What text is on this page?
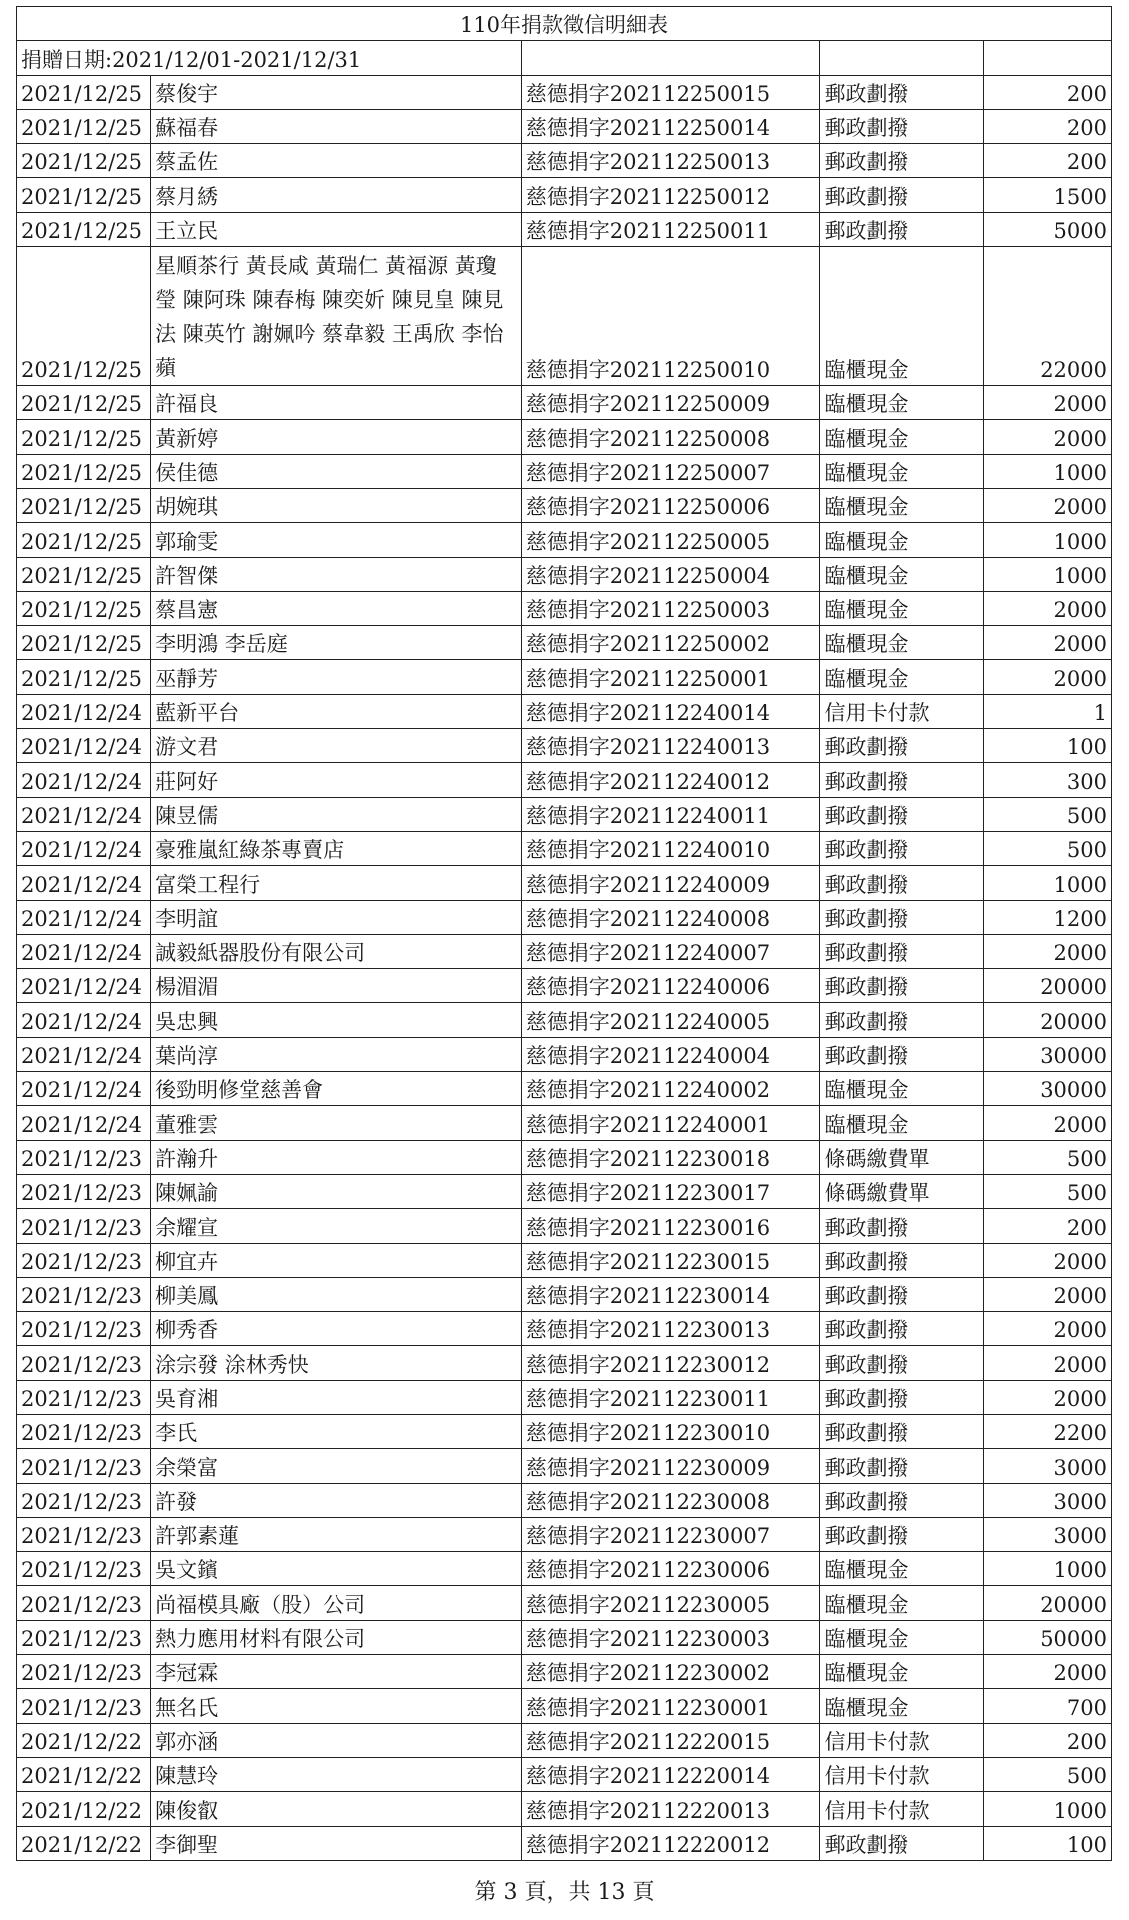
110年捐款徵信明細表				
捐贈日期:2021/12/01-2021/12/31				
2021/12/25	蔡俊宇	慈德捐字202112250015	郵政劃撥	200
2021/12/25	蘇福春	慈德捐字202112250014	郵政劃撥	200
2021/12/25	蔡孟佐	慈德捐字202112250013	郵政劃撥	200
2021/12/25	蔡月綉	慈德捐字202112250012	郵政劃撥	1500
2021/12/25	王立民	慈德捐字202112250011	郵政劃撥	5000
2021/12/25	星順茶行 黃長咸 黃瑞仁 黃福源 黃瓊瑩 陳阿珠 陳春梅 陳奕妡 陳見皇 陳見法 陳英竹 謝姵吟 蔡韋毅 王禹欣 李怡蘋	慈德捐字202112250010	臨櫃現金	22000
2021/12/25	許福良	慈德捐字202112250009	臨櫃現金	2000
2021/12/25	黃新婷	慈德捐字202112250008	臨櫃現金	2000
2021/12/25	侯佳德	慈德捐字202112250007	臨櫃現金	1000
2021/12/25	胡婉琪	慈德捐字202112250006	臨櫃現金	2000
2021/12/25	郭瑜雯	慈德捐字202112250005	臨櫃現金	1000
2021/12/25	許智傑	慈德捐字202112250004	臨櫃現金	1000
2021/12/25	蔡昌憲	慈德捐字202112250003	臨櫃現金	2000
2021/12/25	李明鴻 李岳庭	慈德捐字202112250002	臨櫃現金	2000
2021/12/25	巫靜芳	慈德捐字202112250001	臨櫃現金	2000
2021/12/24	藍新平台	慈德捐字202112240014	信用卡付款	1
2021/12/24	游文君	慈德捐字202112240013	郵政劃撥	100
2021/12/24	莊阿好	慈德捐字202112240012	郵政劃撥	300
2021/12/24	陳昱儒	慈德捐字202112240011	郵政劃撥	500
2021/12/24	豪雅嵐紅綠茶專賣店	慈德捐字202112240010	郵政劃撥	500
2021/12/24	富榮工程行	慈德捐字202112240009	郵政劃撥	1000
2021/12/24	李明誼	慈德捐字202112240008	郵政劃撥	1200
2021/12/24	誠毅紙器股份有限公司	慈德捐字202112240007	郵政劃撥	2000
2021/12/24	楊湄湄	慈德捐字202112240006	郵政劃撥	20000
2021/12/24	吳忠興	慈德捐字202112240005	郵政劃撥	20000
2021/12/24	葉尚淳	慈德捐字202112240004	郵政劃撥	30000
2021/12/24	後勁明修堂慈善會	慈德捐字202112240002	臨櫃現金	30000
2021/12/24	董雅雲	慈德捐字202112240001	臨櫃現金	2000
2021/12/23	許瀚升	慈德捐字202112230018	條碼繳費單	500
2021/12/23	陳姵諭	慈德捐字202112230017	條碼繳費單	500
2021/12/23	余耀宣	慈德捐字202112230016	郵政劃撥	200
2021/12/23	柳宜卉	慈德捐字202112230015	郵政劃撥	2000
2021/12/23	柳美鳳	慈德捐字202112230014	郵政劃撥	2000
2021/12/23	柳秀香	慈德捐字202112230013	郵政劃撥	2000
2021/12/23	涂宗發 涂林秀快	慈德捐字202112230012	郵政劃撥	2000
2021/12/23	吳育湘	慈德捐字202112230011	郵政劃撥	2000
2021/12/23	李氏	慈德捐字202112230010	郵政劃撥	2200
2021/12/23	余榮富	慈德捐字202112230009	郵政劃撥	3000
2021/12/23	許發	慈德捐字202112230008	郵政劃撥	3000
2021/12/23	許郭素蓮	慈德捐字202112230007	郵政劃撥	3000
2021/12/23	吳文鑌	慈德捐字202112230006	臨櫃現金	1000
2021/12/23	尚福模具廠（股）公司	慈德捐字202112230005	臨櫃現金	20000
2021/12/23	熱力應用材料有限公司	慈德捐字202112230003	臨櫃現金	50000
2021/12/23	李冠霖	慈德捐字202112230002	臨櫃現金	2000
2021/12/23	無名氏	慈德捐字202112230001	臨櫃現金	700
2021/12/22	郭亦涵	慈德捐字202112220015	信用卡付款	200
2021/12/22	陳慧玲	慈德捐字202112220014	信用卡付款	500
2021/12/22	陳俊叡	慈德捐字202112220013	信用卡付款	1000
2021/12/22	李御聖	慈德捐字202112220012	郵政劃撥	100
第 3 頁，共 13 頁
